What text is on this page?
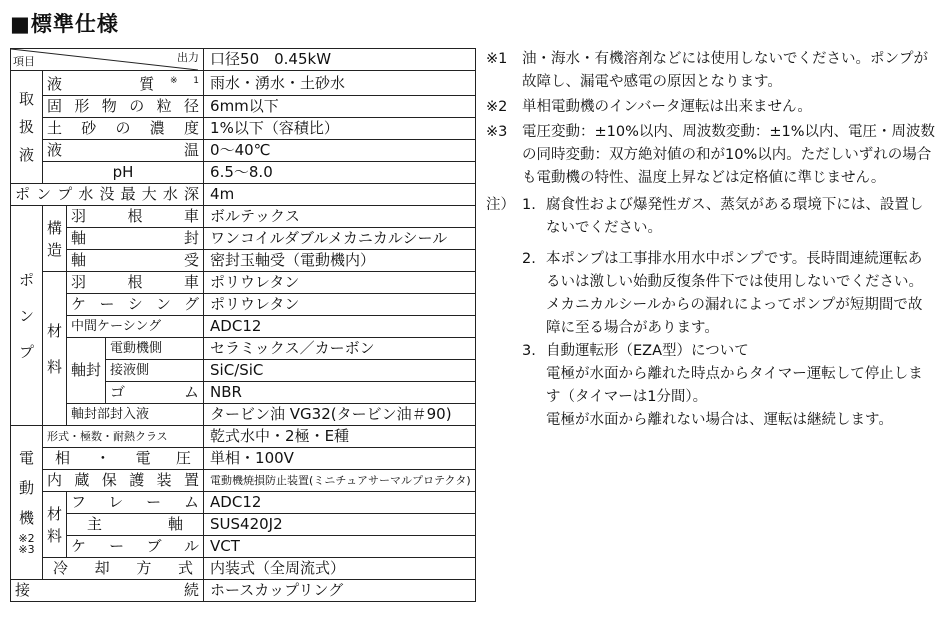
■標準仕様
出力
項目				口径50　0.45kW
取扱液	液　　質$^{※1}$			雨水・湧水・土砂水
	固形物の粒径			6mm以下
	土砂の濃度			1%以下（容積比）
	液　　温			0～40℃
	pH			6.5～8.0
ポンプ水没最大水深				4m
ポンプ	構造	羽根車		ボルテックス
		軸封		ワンコイルダブルメカニカルシール
		軸受		密封玉軸受（電動機内）
	材料	羽根車		ポリウレタン
		ケーシング		ポリウレタン
		中間ケーシング		ADC12
		軸封	電動機側	セラミックス／カーボン
			接液側	SiC/SiC
			ゴム	NBR
		軸封部封入液		タービン油 VG32(タービン油＃90)
電動機
※2
※3	形式・極数・耐熱クラス			乾式水中・2極・E種
	相・電圧			単相・100V
	内蔵保護装置			電動機焼損防止装置(ミニチュアサーマルプロテクタ)
	材料	フレーム		ADC12
		主軸		SUS420J2
		ケーブル		VCT
	冷却方式			内装式（全周流式）
接続				ホースカップリング
※1 油・海水・有機溶剤などには使用しないでください。ポンプが故障し、漏電や感電の原因となります。
※2 単相電動機のインバータ運転は出来ません。
※3 電圧変動：±10%以内、周波数変動：±1%以内、電圧・周波数の同時変動：双方絶対値の和が10%以内。ただしいずれの場合も電動機の特性、温度上昇などは定格値に準じません。
注） 1. 腐食性および爆発性ガス、蒸気がある環境下には、設置しないでください。
2. 本ポンプは工事排水用水中ポンプです。長時間連続運転あるいは激しい始動反復条件下では使用しないでください。メカニカルシールからの漏れによってポンプが短期間で故障に至る場合があります。
3. 自動運転形（EZA型）について
電極が水面から離れた時点からタイマー運転して停止します（タイマーは1分間）。
電極が水面から離れない場合は、運転は継続します。
